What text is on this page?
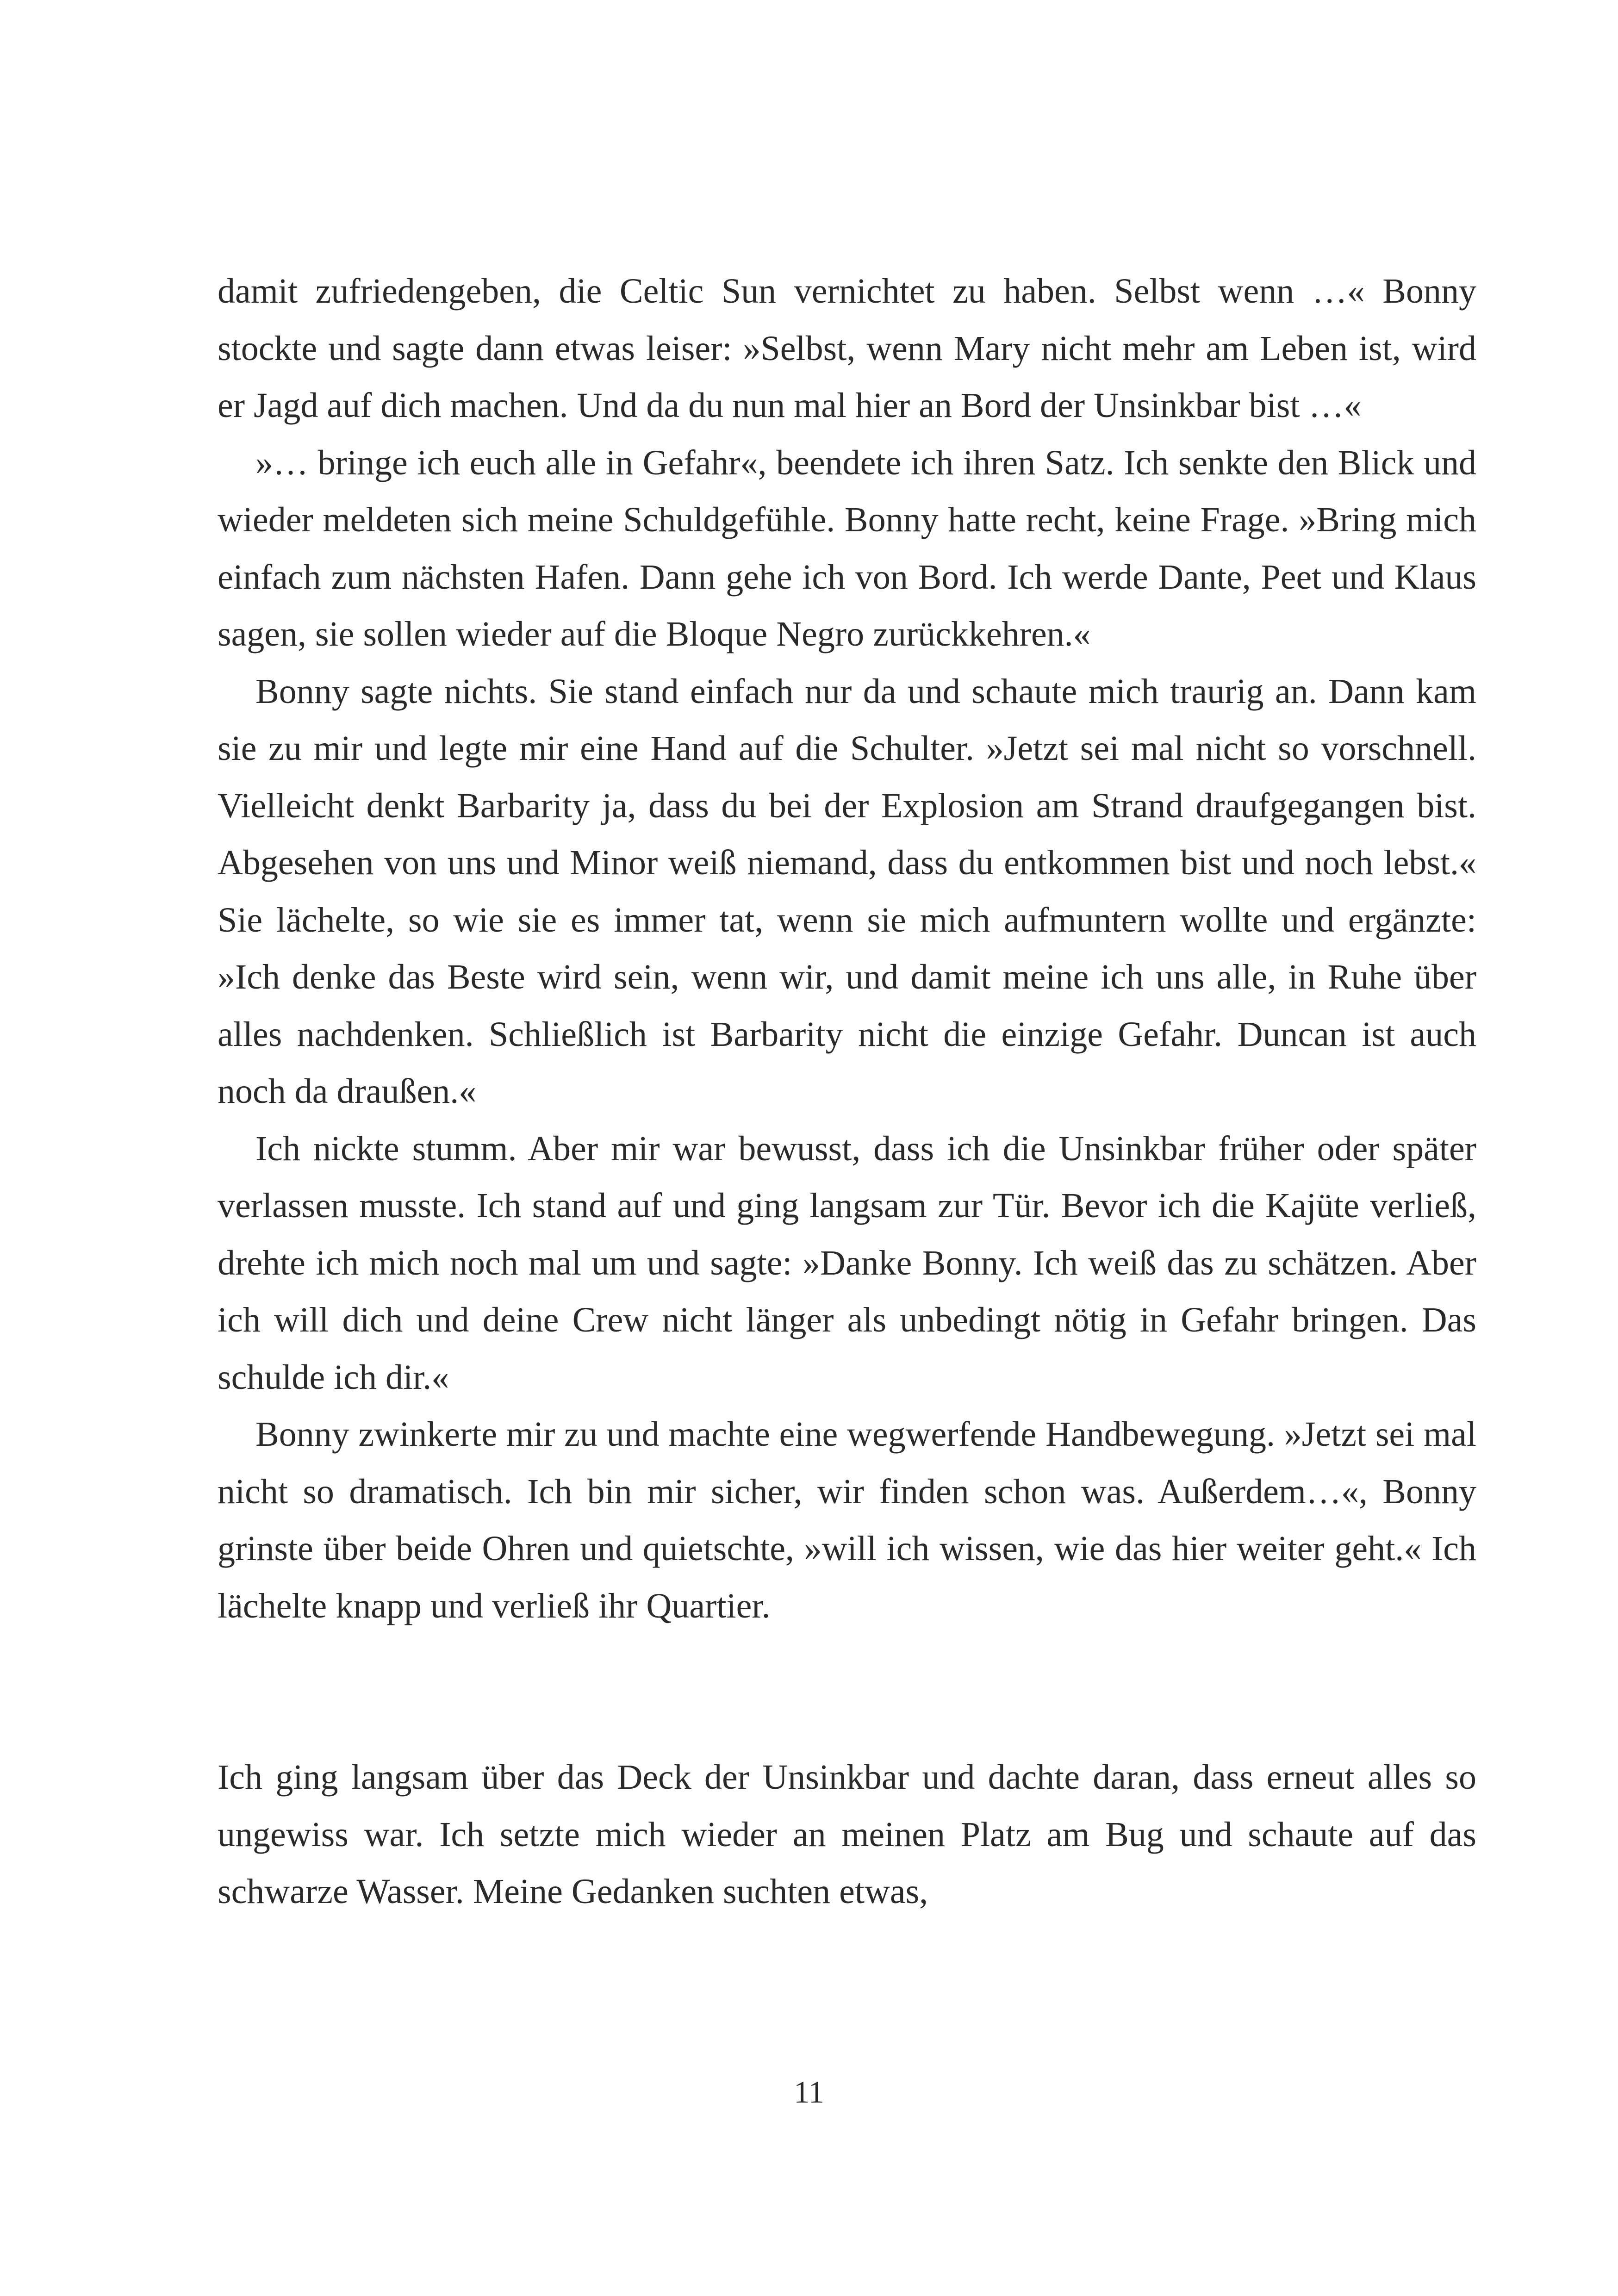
damit zufriedengeben, die Celtic Sun vernichtet zu haben. Selbst wenn …« Bonny stockte und sagte dann etwas leiser: »Selbst, wenn Mary nicht mehr am Leben ist, wird er Jagd auf dich machen. Und da du nun mal hier an Bord der Unsinkbar bist …«

»… bringe ich euch alle in Gefahr«, beendete ich ihren Satz. Ich senkte den Blick und wieder meldeten sich meine Schuldgefühle. Bonny hatte recht, keine Frage. »Bring mich einfach zum nächsten Hafen. Dann gehe ich von Bord. Ich werde Dante, Peet und Klaus sagen, sie sollen wieder auf die Bloque Negro zurückkehren.«

Bonny sagte nichts. Sie stand einfach nur da und schaute mich traurig an. Dann kam sie zu mir und legte mir eine Hand auf die Schulter. »Jetzt sei mal nicht so vorschnell. Vielleicht denkt Barbarity ja, dass du bei der Explosion am Strand draufgegangen bist. Abgesehen von uns und Minor weiß niemand, dass du entkommen bist und noch lebst.« Sie lächelte, so wie sie es immer tat, wenn sie mich aufmuntern wollte und ergänzte: »Ich denke das Beste wird sein, wenn wir, und damit meine ich uns alle, in Ruhe über alles nachdenken. Schließlich ist Barbarity nicht die einzige Gefahr. Duncan ist auch noch da draußen.«

Ich nickte stumm. Aber mir war bewusst, dass ich die Unsinkbar früher oder später verlassen musste. Ich stand auf und ging langsam zur Tür. Bevor ich die Kajüte verließ, drehte ich mich noch mal um und sagte: »Danke Bonny. Ich weiß das zu schätzen. Aber ich will dich und deine Crew nicht länger als unbedingt nötig in Gefahr bringen. Das schulde ich dir.«

Bonny zwinkerte mir zu und machte eine wegwerfende Handbewegung. »Jetzt sei mal nicht so dramatisch. Ich bin mir sicher, wir finden schon was. Außerdem…«, Bonny grinste über beide Ohren und quietschte, »will ich wissen, wie das hier weiter geht.« Ich lächelte knapp und verließ ihr Quartier.

Ich ging langsam über das Deck der Unsinkbar und dachte daran, dass erneut alles so ungewiss war. Ich setzte mich wieder an meinen Platz am Bug und schaute auf das schwarze Wasser. Meine Gedanken suchten etwas,

11
